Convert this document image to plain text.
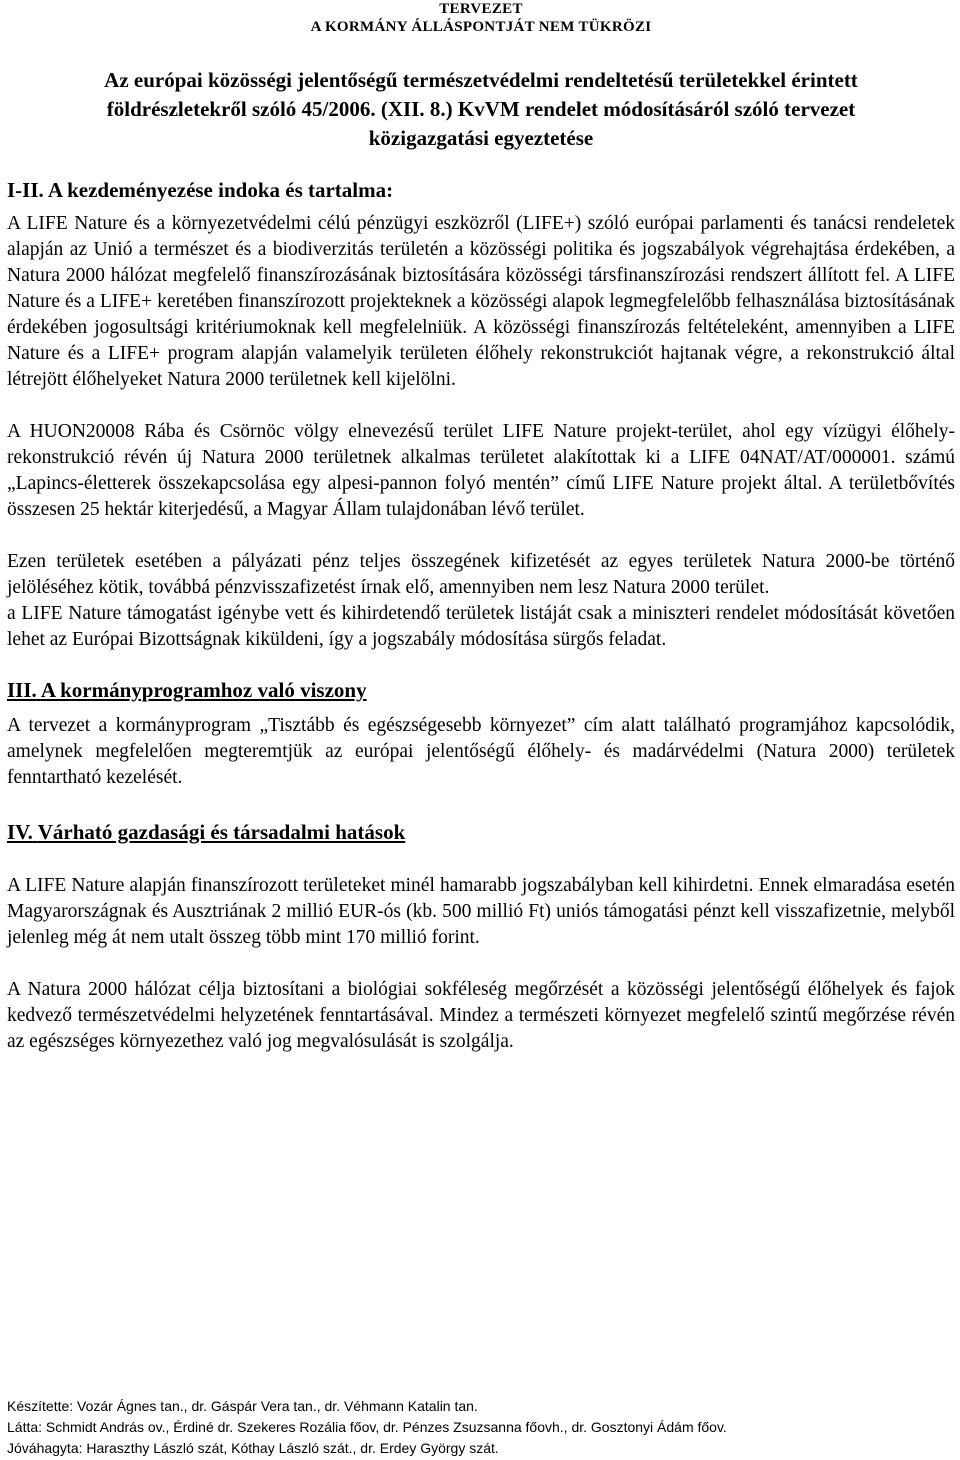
TERVEZET
A KORMÁNY ÁLLÁSPONTJÁT NEM TÜKRÖZI
Az európai közösségi jelentőségű természetvédelmi rendeltetésű területekkel érintett
földrészletekről szóló 45/2006. (XII. 8.) KvVM rendelet módosításáról szóló tervezet
közigazgatási egyeztetése
I-II. A kezdeményezése indoka és tartalma:

A LIFE Nature és a környezetvédelmi célú pénzügyi eszközről (LIFE+) szóló európai parlamenti és tanácsi rendeletek alapján az Unió a természet és a biodiverzitás területén a közösségi politika és jogszabályok végrehajtása érdekében, a Natura 2000 hálózat megfelelő finanszírozásának biztosítására közösségi társfinanszírozási rendszert állított fel. A LIFE Nature és a LIFE+ keretében finanszírozott projekteknek a közösségi alapok legmegfelelőbb felhasználása biztosításának érdekében jogosultsági kritériumoknak kell megfelelniük. A közösségi finanszírozás feltételeként, amennyiben a LIFE Nature és a LIFE+ program alapján valamelyik területen élőhely rekonstrukciót hajtanak végre, a rekonstrukció által létrejött élőhelyeket Natura 2000 területnek kell kijelölni.

A HUON20008 Rába és Csörnöc völgy elnevezésű terület LIFE Nature projekt-terület, ahol egy vízügyi élőhely-rekonstrukció révén új Natura 2000 területnek alkalmas területet alakítottak ki a LIFE 04NAT/AT/000001. számú „Lapincs-életterek összekapcsolása egy alpesi-pannon folyó mentén” című LIFE Nature projekt által. A területbővítés összesen 25 hektár kiterjedésű, a Magyar Állam tulajdonában lévő terület.

Ezen területek esetében a pályázati pénz teljes összegének kifizetését az egyes területek Natura 2000-be történő jelöléséhez kötik, továbbá pénzvisszafizetést írnak elő, amennyiben nem lesz Natura 2000 terület.

a LIFE Nature támogatást igénybe vett és kihirdetendő területek listáját csak a miniszteri rendelet módosítását követően lehet az Európai Bizottságnak kiküldeni, így a jogszabály módosítása sürgős feladat.

III. A kormányprogramhoz való viszony

A tervezet a kormányprogram „Tisztább és egészségesebb környezet” cím alatt található programjához kapcsolódik, amelynek megfelelően megteremtjük az európai jelentőségű élőhely- és madárvédelmi (Natura 2000) területek fenntartható kezelését.

IV. Várható gazdasági és társadalmi hatások

A LIFE Nature alapján finanszírozott területeket minél hamarabb jogszabályban kell kihirdetni. Ennek elmaradása esetén Magyarországnak és Ausztriának 2 millió EUR-ós (kb. 500 millió Ft) uniós támogatási pénzt kell visszafizetnie, melyből jelenleg még át nem utalt összeg több mint 170 millió forint.

A Natura 2000 hálózat célja biztosítani a biológiai sokféleség megőrzését a közösségi jelentőségű élőhelyek és fajok kedvező természetvédelmi helyzetének fenntartásával. Mindez a természeti környezet megfelelő szintű megőrzése révén az egészséges környezethez való jog megvalósulását is szolgálja.

Készítette: Vozár Ágnes tan., dr. Gáspár Vera tan., dr. Véhmann Katalin tan.
Látta: Schmidt András ov., Érdiné dr. Szekeres Rozália főov, dr. Pénzes Zsuzsanna főovh., dr. Gosztonyi Ádám főov.
Jóváhagyta: Haraszthy László szát, Kóthay László szát., dr. Erdey György szát.
